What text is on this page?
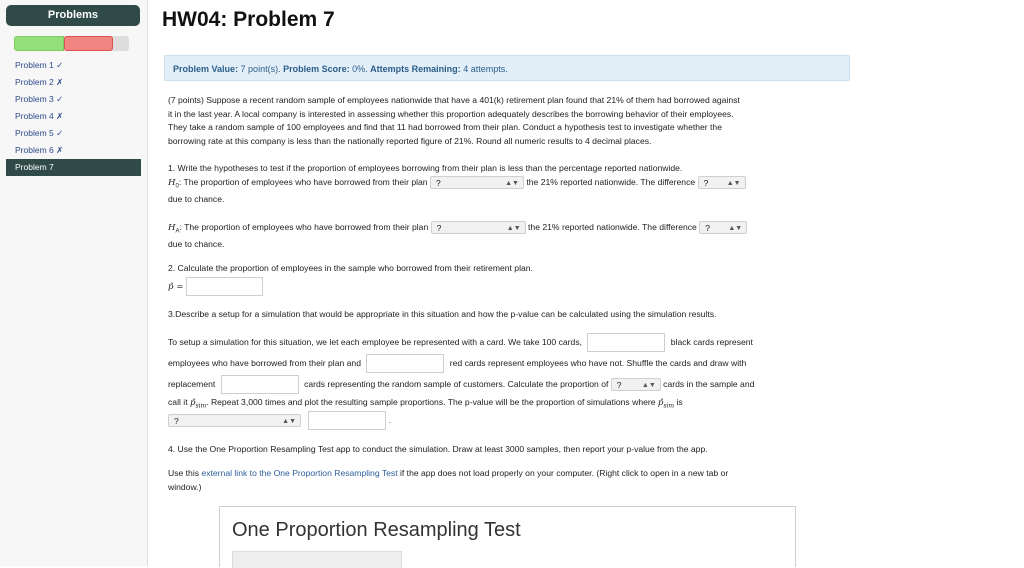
Problems
Problem 1 ✓
Problem 2 ✗
Problem 3 ✓
Problem 4 ✗
Problem 5 ✓
Problem 6 ✗
Problem 7
HW04: Problem 7
Problem Value: 7 point(s). Problem Score: 0%. Attempts Remaining: 4 attempts.
(7 points) Suppose a recent random sample of employees nationwide that have a 401(k) retirement plan found that 21% of them had borrowed against
it in the last year. A local company is interested in assessing whether this proportion adequately describes the borrowing behavior of their employees.
They take a random sample of 100 employees and find that 11 had borrowed from their plan. Conduct a hypothesis test to investigate whether the
borrowing rate at this company is less than the nationally reported figure of 21%. Round all numeric results to 4 decimal places.
1. Write the hypotheses to test if the proportion of employees borrowing from their plan is less than the percentage reported nationwide.
$H_0$: The proportion of employees who have borrowed from their plan ?	▲▼ the 21% reported nationwide. The difference ?	▲▼
due to chance.
$H_A$: The proportion of employees who have borrowed from their plan ?	▲▼ the 21% reported nationwide. The difference ?	▲▼
due to chance.
2. Calculate the proportion of employees in the sample who borrowed from their retirement plan.
p̂ =
3.Describe a setup for a simulation that would be appropriate in this situation and how the p-value can be calculated using the simulation results.
To setup a simulation for this situation, we let each employee be represented with a card. We take 100 cards,	black cards represent
employees who have borrowed from their plan and	red cards represent employees who have not. Shuffle the cards and draw with
replacement	cards representing the random sample of customers. Calculate the proportion of ?	▲▼ cards in the sample and
call it $p̂_{sim}$. Repeat 3,000 times and plot the resulting sample proportions. The p-value will be the proportion of simulations where $p̂_{sim}$ is
?	▲▼	.
4. Use the One Proportion Resampling Test app to conduct the simulation. Draw at least 3000 samples, then report your p-value from the app.
Use this external link to the One Proportion Resampling Test if the app does not load properly on your computer. (Right click to open in a new tab or
window.)
One Proportion Resampling Test
